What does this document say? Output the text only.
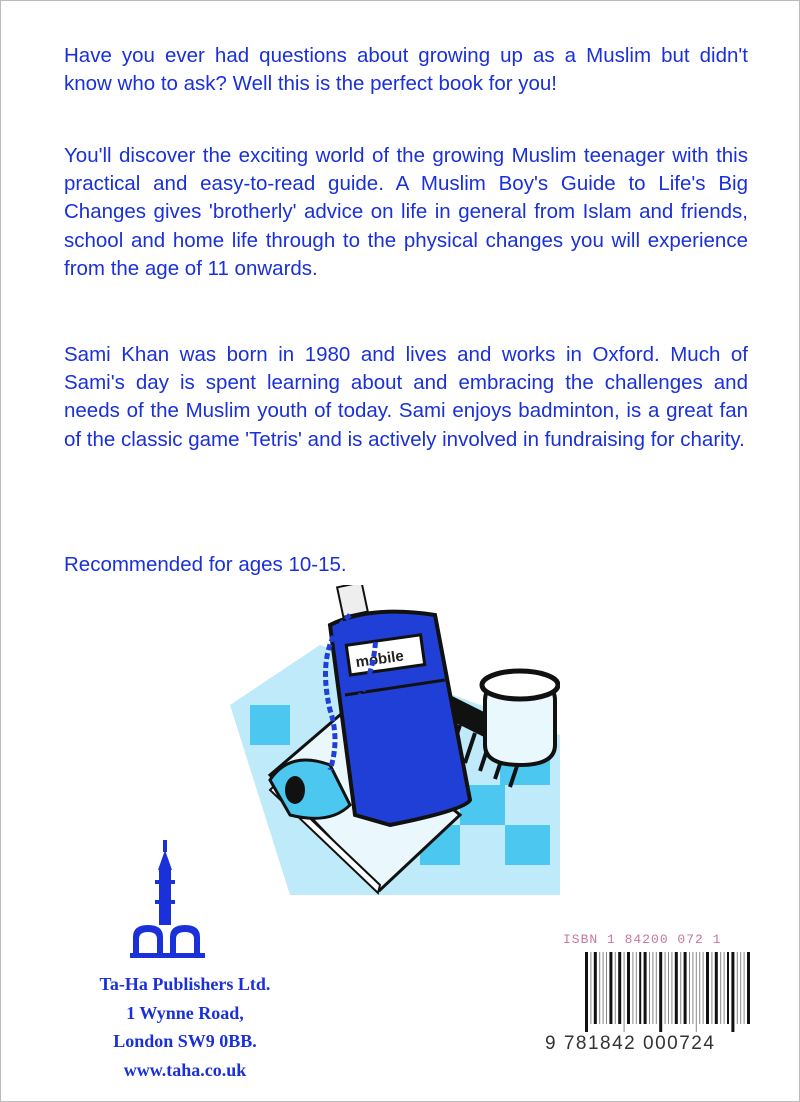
Have you ever had questions about growing up as a Muslim but didn't know who to ask? Well this is the perfect book for you!

You'll discover the exciting world of the growing Muslim teenager with this practical and easy-to-read guide. A Muslim Boy's Guide to Life's Big Changes gives 'brotherly' advice on life in general from Islam and friends, school and home life through to the physical changes you will experience from the age of 11 onwards.

Sami Khan was born in 1980 and lives and works in Oxford. Much of Sami's day is spent learning about and embracing the challenges and needs of the Muslim youth of today. Sami enjoys badminton, is a great fan of the classic game 'Tetris' and is actively involved in fundraising for charity.

Recommended for ages 10-15.

mobile
Ta-Ha Publishers Ltd.
1 Wynne Road,
London SW9 0BB.
www.taha.co.uk
ISBN 1 84200 072 1
9 781842 000724
